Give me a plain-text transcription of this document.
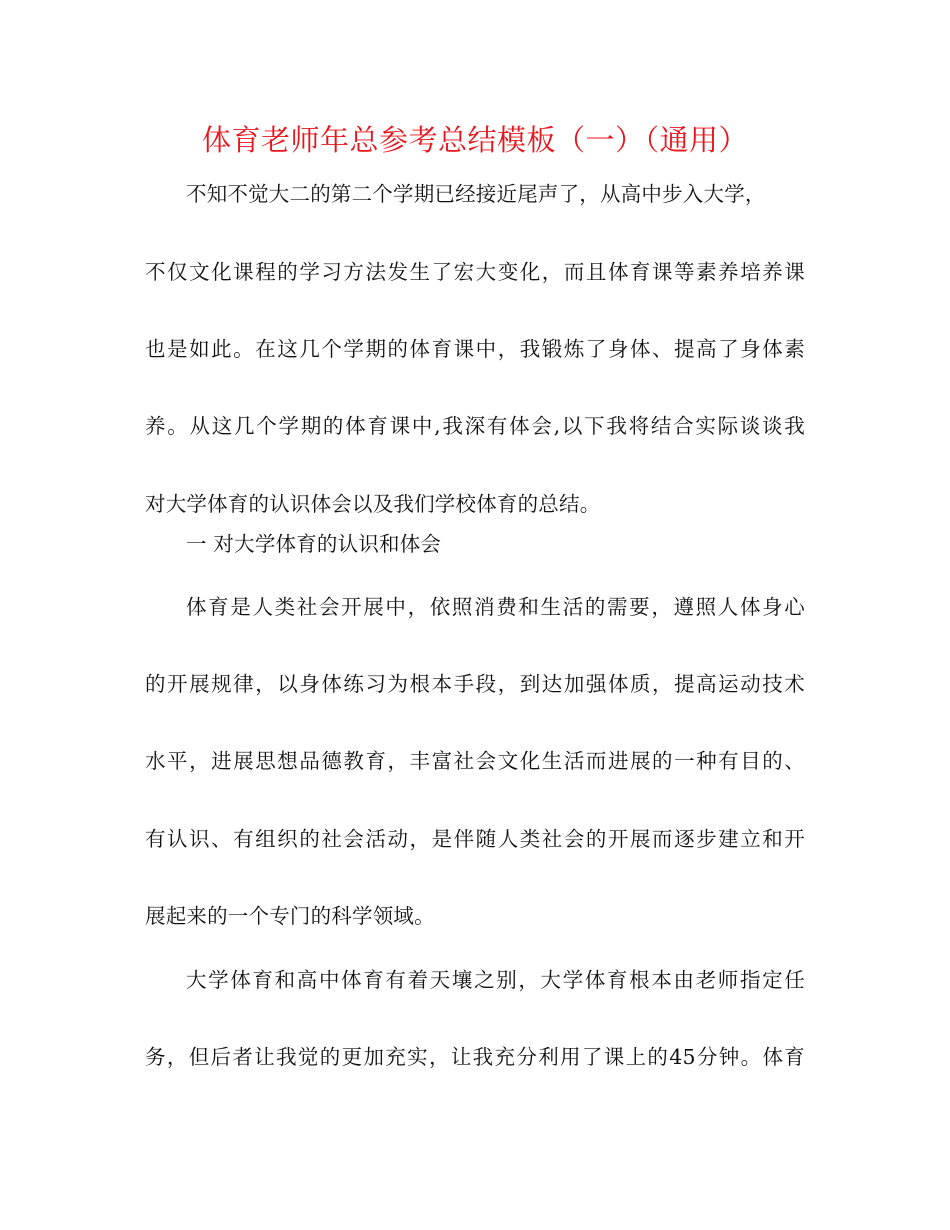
体育老师年总参考总结模板（一）（通用）
不知不觉大二的第二个学期已经接近尾声了，从高中步入大学，
不仅文化课程的学习方法发生了宏大变化，而且体育课等素养培养课
也是如此。在这几个学期的体育课中，我锻炼了身体、提高了身体素
养。从这几个学期的体育课中,我深有体会,以下我将结合实际谈谈我
对大学体育的认识体会以及我们学校体育的总结。
一 对大学体育的认识和体会
体育是人类社会开展中，依照消费和生活的需要，遵照人体身心
的开展规律，以身体练习为根本手段，到达加强体质，提高运动技术
水平，进展思想品德教育，丰富社会文化生活而进展的一种有目的、
有认识、有组织的社会活动，是伴随人类社会的开展而逐步建立和开
展起来的一个专门的科学领域。
大学体育和高中体育有着天壤之别，大学体育根本由老师指定任
务，但后者让我觉的更加充实，让我充分利用了课上的45分钟。体育
